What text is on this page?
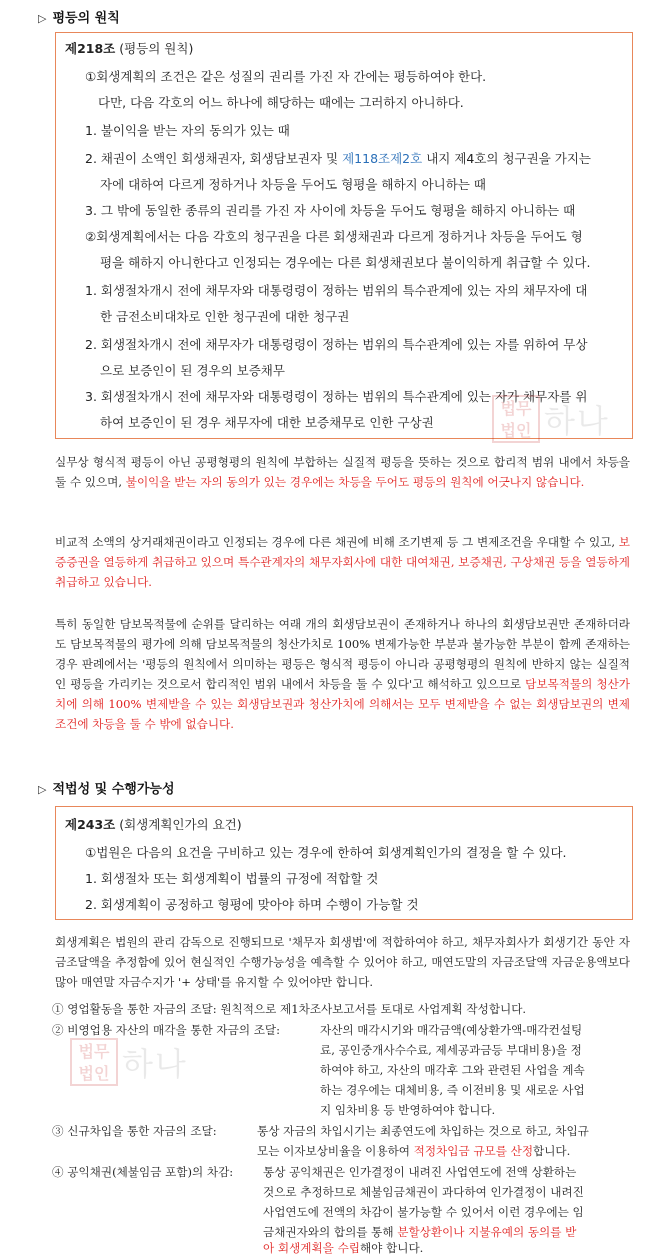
▷ 평등의 원칙
제218조 (평등의 원칙)
①회생계획의 조건은 같은 성질의 권리를 가진 자 간에는 평등하여야 한다.
다만, 다음 각호의 어느 하나에 해당하는 때에는 그러하지 아니하다.
1. 불이익을 받는 자의 동의가 있는 때
2. 채권이 소액인 회생채권자, 회생담보권자 및 제118조제2호 내지 제4호의 청구권을 가지는
자에 대하여 다르게 정하거나 차등을 두어도 형평을 해하지 아니하는 때
3. 그 밖에 동일한 종류의 권리를 가진 자 사이에 차등을 두어도 형평을 해하지 아니하는 때
②회생계획에서는 다음 각호의 청구권을 다른 회생채권과 다르게 정하거나 차등을 두어도 형
평을 해하지 아니한다고 인정되는 경우에는 다른 회생채권보다 불이익하게 취급할 수 있다.
1. 회생절차개시 전에 채무자와 대통령령이 정하는 범위의 특수관계에 있는 자의 채무자에 대
한 금전소비대차로 인한 청구권에 대한 청구권
2. 회생절차개시 전에 채무자가 대통령령이 정하는 범위의 특수관계에 있는 자를 위하여 무상
으로 보증인이 된 경우의 보증채무
3. 회생절차개시 전에 채무자와 대통령령이 정하는 범위의 특수관계에 있는 자가 채무자를 위
하여 보증인이 된 경우 채무자에 대한 보증채무로 인한 구상권

실무상 형식적 평등이 아닌 공평형평의 원칙에 부합하는 실질적 평등을 뜻하는 것으로 합리적 범위 내에서 차등을 둘 수 있으며, 불이익을 받는 자의 동의가 있는 경우에는 차등을 두어도 평등의 원칙에 어긋나지 않습니다.
비교적 소액의 상거래채권이라고 인정되는 경우에 다른 채권에 비해 조기변제 등 그 변제조건을 우대할 수 있고, 보증증권을 열등하게 취급하고 있으며 특수관계자의 채무자회사에 대한 대여채권, 보증채권, 구상채권 등을 열등하게 취급하고 있습니다.
특히 동일한 담보목적물에 순위를 달리하는 여래 개의 회생담보권이 존재하거나 하나의 회생담보권만 존재하더라도 담보목적물의 평가에 의해 담보목적물의 청산가치로 100% 변제가능한 부분과 불가능한 부분이 함께 존재하는 경우 판례에서는 '평등의 원칙에서 의미하는 평등은 형식적 평등이 아니라 공평형평의 원칙에 반하지 않는 실질적인 평등을 가리키는 것으로서 합리적인 범위 내에서 차등을 둘 수 있다'고 해석하고 있으므로 담보목적물의 청산가치에 의해 100% 변제받을 수 있는 회생담보권과 청산가치에 의해서는 모두 변제받을 수 없는 회생담보권의 변제조건에 차등을 둘 수 밖에 없습니다.
▷ 적법성 및 수행가능성
제243조 (회생계획인가의 요건)
①법원은 다음의 요건을 구비하고 있는 경우에 한하여 회생계획인가의 결정을 할 수 있다.
1. 회생절차 또는 회생계획이 법률의 규정에 적합할 것
2. 회생계획이 공정하고 형평에 맞아야 하며 수행이 가능할 것
회생계획은 법원의 관리 감독으로 진행되므로 '채무자 회생법'에 적합하여야 하고, 채무자회사가 회생기간 동안 자금조달액을 추정함에 있어 현실적인 수행가능성을 예측할 수 있어야 하고, 매연도말의 자금조달액 자금운용액보다 많아 매연말 자금수지가 '+ 상태'를 유지할 수 있어야만 합니다.
① 영업활동을 통한 자금의 조달: 원칙적으로 제1차조사보고서를 토대로 사업계획 작성합니다.
② 비영업용 자산의 매각을 통한 자금의 조달:	자산의 매각시기와 매각금액(예상환가액-매각컨설팅
료, 공인중개사수수료, 제세공과금등 부대비용)을 정
하여야 하고, 자산의 매각후 그와 관련된 사업을 계속
하는 경우에는 대체비용, 즉 이전비용 및 새로운 사업
지 임차비용 등 반영하여야 합니다.
③ 신규차입을 통한 자금의 조달:	통상 자금의 차입시기는 최종연도에 차입하는 것으로 하고, 차입규
모는 이자보상비율을 이용하여 적정차입금 규모를 산정합니다.
④ 공익채권(체불임금 포함)의 차감:	통상 공익채권은 인가결정이 내려진 사업연도에 전액 상환하는
것으로 추정하므로 체불임금채권이 과다하여 인가결정이 내려진
사업연도에 전액의 차감이 불가능할 수 있어서 이런 경우에는 임
금채권자와의 합의를 통해 분할상환이나 지불유예의 동의를 받
아 회생계획을 수립해야 합니다.
법무
법인 하나
